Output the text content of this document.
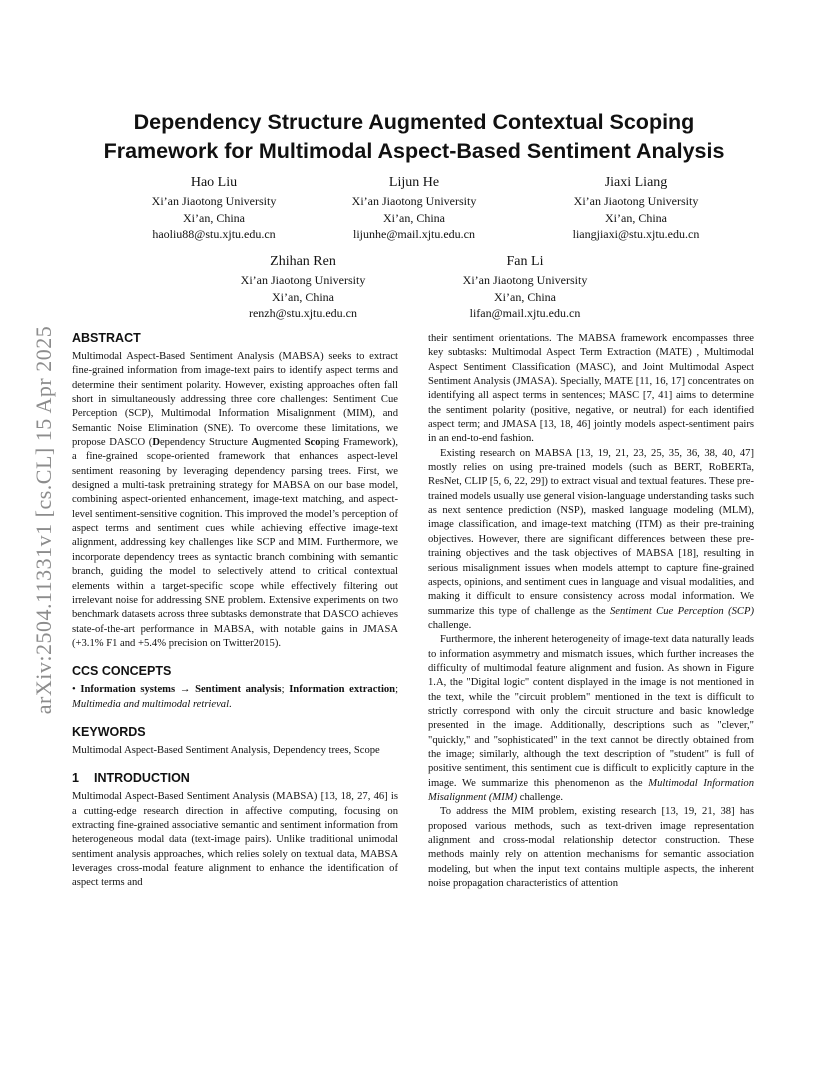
arXiv:2504.11331v1 [cs.CL] 15 Apr 2025
Dependency Structure Augmented Contextual Scoping
Framework for Multimodal Aspect-Based Sentiment Analysis
Hao Liu
Xi’an Jiaotong University
Xi’an, China
haoliu88@stu.xjtu.edu.cn
Lijun He
Xi’an Jiaotong University
Xi’an, China
lijunhe@mail.xjtu.edu.cn
Jiaxi Liang
Xi’an Jiaotong University
Xi’an, China
liangjiaxi@stu.xjtu.edu.cn
Zhihan Ren
Xi’an Jiaotong University
Xi’an, China
renzh@stu.xjtu.edu.cn
Fan Li
Xi’an Jiaotong University
Xi’an, China
lifan@mail.xjtu.edu.cn
ABSTRACT

Multimodal Aspect-Based Sentiment Analysis (MABSA) seeks to extract fine-grained information from image-text pairs to identify aspect terms and determine their sentiment polarity. However, existing approaches often fall short in simultaneously addressing three core challenges: Sentiment Cue Perception (SCP), Multimodal Information Misalignment (MIM), and Semantic Noise Elimination (SNE). To overcome these limitations, we propose DASCO (Dependency Structure Augmented Scoping Framework), a fine-grained scope-oriented framework that enhances aspect-level sentiment reasoning by leveraging dependency parsing trees. First, we designed a multi-task pretraining strategy for MABSA on our base model, combining aspect-oriented enhancement, image-text matching, and aspect-level sentiment-sensitive cognition. This improved the model’s perception of aspect terms and sentiment cues while achieving effective image-text alignment, addressing key challenges like SCP and MIM. Furthermore, we incorporate dependency trees as syntactic branch combining with semantic branch, guiding the model to selectively attend to critical contextual elements within a target-specific scope while effectively filtering out irrelevant noise for addressing SNE problem. Extensive experiments on two benchmark datasets across three subtasks demonstrate that DASCO achieves state-of-the-art performance in MABSA, with notable gains in JMASA (+3.1% F1 and +5.4% precision on Twitter2015).

CCS CONCEPTS

• Information systems → Sentiment analysis; Information extraction; Multimedia and multimodal retrieval.

KEYWORDS

Multimodal Aspect-Based Sentiment Analysis, Dependency trees, Scope

1 INTRODUCTION

Multimodal Aspect-Based Sentiment Analysis (MABSA) [13, 18, 27, 46] is a cutting-edge research direction in affective computing, focusing on extracting fine-grained associative semantic and sentiment information from heterogeneous modal data (text-image pairs). Unlike traditional unimodal sentiment analysis approaches, which relies solely on textual data, MABSA leverages cross-modal feature alignment to enhance the identification of aspect terms and

their sentiment orientations. The MABSA framework encompasses three key subtasks: Multimodal Aspect Term Extraction (MATE) , Multimodal Aspect Sentiment Classification (MASC), and Joint Multimodal Aspect Sentiment Analysis (JMASA). Specially, MATE [11, 16, 17] concentrates on identifying all aspect terms in sentences; MASC [7, 41] aims to determine the sentiment polarity (positive, negative, or neutral) for each identified aspect term; and JMASA [13, 18, 46] jointly models aspect-sentiment pairs in an end-to-end fashion.

Existing research on MABSA [13, 19, 21, 23, 25, 35, 36, 38, 40, 47] mostly relies on using pre-trained models (such as BERT, RoBERTa, ResNet, CLIP [5, 6, 22, 29]) to extract visual and textual features. These pre-trained models usually use general vision-language understanding tasks such as next sentence prediction (NSP), masked language modeling (MLM), image classification, and image-text matching (ITM) as their pre-training objectives. However, there are significant differences between these pre-training objectives and the task objectives of MABSA [18], resulting in serious misalignment issues when models attempt to capture fine-grained aspects, opinions, and sentiment cues in language and visual modalities, and making it difficult to ensure consistency across modal information. We summarize this type of challenge as the Sentiment Cue Perception (SCP) challenge.

Furthermore, the inherent heterogeneity of image-text data naturally leads to information asymmetry and mismatch issues, which further increases the difficulty of multimodal feature alignment and fusion. As shown in Figure 1.A, the "Digital logic" content displayed in the image is not mentioned in the text, while the "circuit problem" mentioned in the text is difficult to strictly correspond with only the circuit structure and basic knowledge presented in the image. Additionally, descriptions such as "clever," "quickly," and "sophisticated" in the text cannot be directly obtained from the image; similarly, although the text description of "student" is full of positive sentiment, this sentiment cue is difficult to explicitly capture in the image. We summarize this phenomenon as the Multimodal Information Misalignment (MIM) challenge.

To address the MIM problem, existing research [13, 19, 21, 38] has proposed various methods, such as text-driven image representation alignment and cross-modal relationship detector construction. These methods mainly rely on attention mechanisms for semantic association modeling, but when the input text contains multiple aspects, the inherent noise propagation characteristics of attention
